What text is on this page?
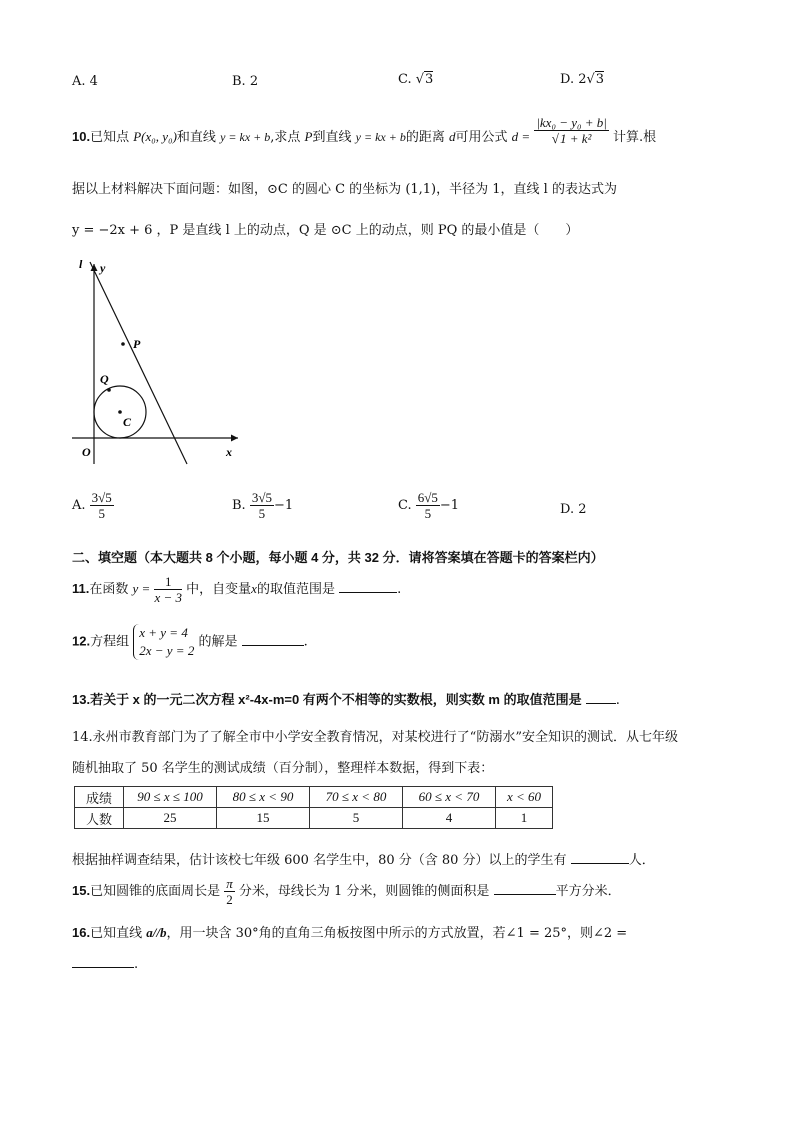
A. 4	B. 2	C. √3	D. 2√3
10.已知点 P(x₀, y₀)和直线 y = kx + b,求点 P到直线 y = kx + b的距离 d可用公式 $d = \frac{\text{|kx₀ − y₀ + b|}}{\text{√1 + k²}}$ 计算.根
据以上材料解决下面问题：如图，⊙C 的圆心 C 的坐标为 (1,1)，半径为 1，直线 l 的表达式为
y = −2x + 6 ，P 是直线 l 上的动点，Q 是 ⊙C 上的动点，则 PQ 的最小值是（　　）
l y
P
Q
C
O	x
A. $\frac{3√5}{5}$	B. $\frac{3√5}{5} -1$	C. $\frac{6√5}{5} -1$	D. 2
二、填空题（本大题共 8 个小题，每小题 4 分，共 32 分．请将答案填在答题卡的答案栏内）
11.在函数 $y = \frac{1}{x - 3}$ 中，自变量x的取值范围是	.
12.方程组
x + y = 4
2x − y = 2
的解是	.
13.若关于 x 的一元二次方程 x²-4x-m=0 有两个不相等的实数根，则实数 m 的取值范围是	.
14.永州市教育部门为了了解全市中小学安全教育情况，对某校进行了“防溺水”安全知识的测试．从七年级
随机抽取了 50 名学生的测试成绩（百分制），整理样本数据，得到下表：
成绩	90 ≤ x ≤ 100	80 ≤ x < 90	70 ≤ x < 80	60 ≤ x < 70	x < 60
人数	25	15	5	4	1
根据抽样调查结果，估计该校七年级 600 名学生中，80 分（含 80 分）以上的学生有	人．
15.已知圆锥的底面周长是 $\frac{\pi}{2}$ 分米，母线长为 1 分米，则圆锥的侧面积是	平方分米．
16.已知直线 a//b，用一块含 30°角的直角三角板按图中所示的方式放置，若∠1 = 25°，则∠2 =
.
